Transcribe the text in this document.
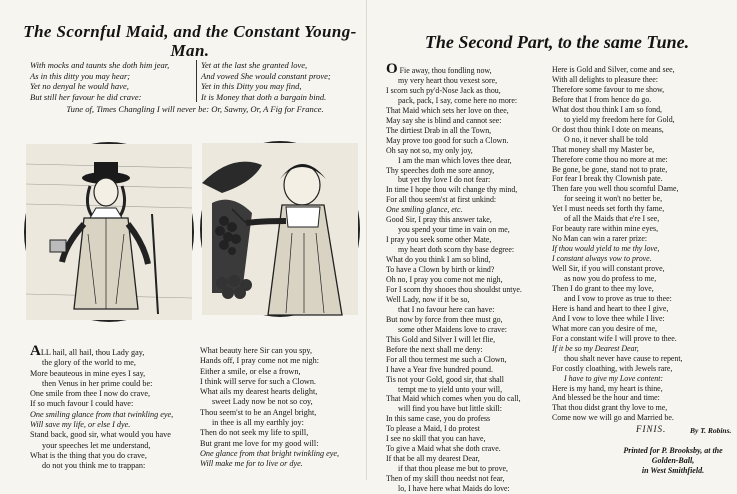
The Scornful Maid, and the Constant Young-Man.
With mocks and taunts she doth him jear,
As in this ditty you may hear;
Yet no denyal he would have,
But still her favour he did crave:
Yet at the last she granted love,
And vowed She would constant prove;
Yet in this Ditty you may find,
It is Money that doth a bargain bind.
Tune of, Times Changling I will never be: Or, Sawny, Or, A Fig for France.
ALL hail, all hail, thou Lady gay,
the glory of the world to me,
More beauteous in mine eyes I say,
then Venus in her prime could be:
One smile from thee I now do crave,
If so much favour I could have:
One smiling glance from that twinkling eye,
Will save my life, or else I dye.
Stand back, good sir, what would you have
your speeches let me understand,
What is the thing that you do crave,
do not you think me to trappan:
What beauty here Sir can you spy,
Hands off, I pray come not me nigh:
Either a smile, or else a frown,
I think will serve for such a Clown.
What ails my dearest hearts delight,
sweet Lady now be not so coy,
Thou seem'st to be an Angel bright,
in thee is all my earthly joy:
Then do not seek my life to spill,
But grant me love for my good will:
One glance from that bright twinkling eye,
Will make me for to live or dye.
The Second Part, to the same Tune.
O Fie away, thou fondling now,
my very heart thou vexest sore,
I scorn such py'd-Nose Jack as thou,
pack, pack, I say, come here no more:
That Maid which sets her love on thee,
May say she is blind and cannot see:
The dirtiest Drab in all the Town,
May prove too good for such a Clown.
Oh say not so, my only joy,
I am the man which loves thee dear,
Thy speeches doth me sore annoy,
but yet thy love I do not fear:
In time I hope thou wilt change thy mind,
For all thou seem'st at first unkind:
One smiling glance, etc.
Good Sir, I pray this answer take,
you spend your time in vain on me,
I pray you seek some other Mate,
my heart doth scorn thy base degree:
What do you think I am so blind,
To have a Clown by birth or kind?
Oh no, I pray you come not me nigh,
For I scorn thy shooes thou shouldst untye.
Well Lady, now if it be so,
that I no favour here can have:
But now by force from thee must go,
some other Maidens love to crave:
This Gold and Silver I will let flie,
Before the next shall me deny:
For all thou termest me such a Clown,
I have a Year five hundred pound.
Tis not your Gold, good sir, that shall
tempt me to yield unto your will,
That Maid which comes when you do call,
will find you have but little skill:
In this same case, you do profess
To please a Maid, I do protest
I see no skill that you can have,
To give a Maid what she doth crave.
If that be all my dearest Dear,
if that thou please me but to prove,
Then of my skill thou needst not fear,
lo, I have here what Maids do love:
Here is Gold and Silver, come and see,
With all delights to pleasure thee:
Therefore some favour to me show,
Before that I from hence do go.
What dost thou think I am so fond,
to yield my freedom here for Gold,
Or dost thou think I dote on means,
O no, it never shall be told
That money shall my Master be,
Therefore come thou no more at me:
Be gone, be gone, stand not to prate,
For fear I break thy Clownish pate.
Then fare you well thou scornful Dame,
for seeing it won't no better be,
Yet I must needs set forth thy fame,
of all the Maids that e're I see,
For beauty rare within mine eyes,
No Man can win a rarer prize:
If thou would yield to me thy love,
I constant always vow to prove.
Well Sir, if you will constant prove,
as now you do profess to me,
Then I do grant to thee my love,
and I vow to prove as true to thee:
Here is hand and heart to thee I give,
And I vow to love thee while I live:
What more can you desire of me,
For a constant wife I will prove to thee.
If it be so my Dearest Dear,
thou shalt never have cause to repent,
For costly cloathing, with Jewels rare,
I have to give my Love content:
Here is my hand, my heart is thine,
And blessed be the hour and time:
That thou didst grant thy love to me,
Come now we will go and Married be.
FINIS.	By T. Robins.
Printed for P. Brooksby, at the Golden-Ball,
in West Smithfield.
